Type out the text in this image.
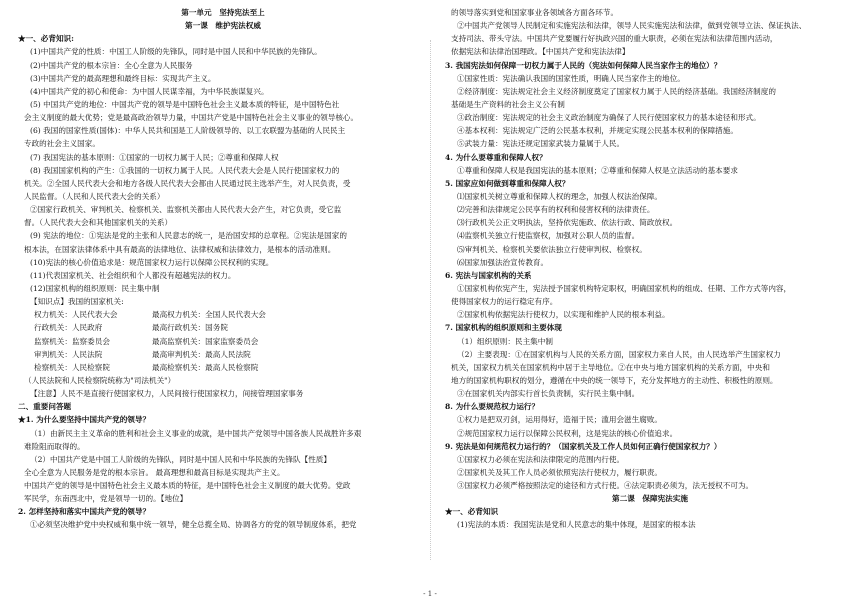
第一单元　坚持宪法至上
第一课　维护宪法权威
★一、必背知识:
(1)中国共产党的性质：中国工人阶级的先锋队，同时是中国人民和中华民族的先锋队。
(2)中国共产党的根本宗旨：全心全意为人民服务
(3)中国共产党的最高理想和最终目标：实现共产主义。
(4)中国共产党的初心和使命：为中国人民谋幸福，为中华民族谋复兴。
(5) 中国共产党的地位：中国共产党的领导是中国特色社会主义最本质的特征，是中国特色社
会主义制度的最大优势；党是最高政治领导力量，中国共产党是中国特色社会主义事业的领导核心。
(6) 我国的国家性质(国体)：中华人民共和国是工人阶级领导的、以工农联盟为基础的人民民主
专政的社会主义国家。
(7) 我国宪法的基本原则：①国家的一切权力属于人民；②尊重和保障人权
(8) 我国国家机构的产生：①我国的一切权力属于人民。人民代表大会是人民行使国家权力的
机关。②全国人民代表大会和地方各级人民代表大会都由人民通过民主选举产生，对人民负责，受
人民监督。（人民和人民代表大会的关系）
②国家行政机关、审判机关、检察机关、监察机关都由人民代表大会产生，对它负责，受它监
督。（人民代表大会和其他国家机关的关系）
(9) 宪法的地位：①宪法是党的主张和人民意志的统一，是治国安邦的总章程。②宪法是国家的
根本法，在国家法律体系中具有最高的法律地位、法律权威和法律效力，是根本的活动准则。
(10)宪法的核心价值追求是：规范国家权力运行以保障公民权利的实现。
(11)代表国家机关、社会组织和个人都没有超越宪法的权力。
(12)国家机构的组织原则：民主集中制
【知识点】我国的国家机关:
权力机关：人民代表大会	最高权力机关：全国人民代表大会
行政机关：人民政府	最高行政机关：国务院
监察机关：监察委员会	最高监察机关：国家监察委员会
审判机关：人民法院	最高审判机关：最高人民法院
检察机关：人民检察院	最高检察机关：最高人民检察院
（人民法院和人民检察院统称为"司法机关"）
【注意】人民不是直接行使国家权力，人民间接行使国家权力，间接管理国家事务
二、重要问答题
★1. 为什么要坚持中国共产党的领导？
（1）由新民主主义革命的胜利和社会主义事业的成就，是中国共产党领导中国各族人民战胜许多艰
难险阻而取得的。
（2）中国共产党是中国工人阶级的先锋队，同时是中国人民和中华民族的先锋队【性质】
全心全意为人民服务是党的根本宗旨。 最高理想和最高目标是实现共产主义。
中国共产党的领导是中国特色社会主义最本质的特征，是中国特色社会主义制度的最大优势。党政
军民学，东南西北中，党是领导一切的。【地位】
2. 怎样坚持和落实中国共产党的领导？
①必须坚决维护党中央权威和集中统一领导，健全总揽全局、协调各方的党的领导制度体系，把党
的领导落实到党和国家事业各领域各方面各环节。
②中国共产党领导人民制定和实施宪法和法律，领导人民实施宪法和法律，做到党领导立法、保证执法、
支持司法、带头守法。中国共产党要履行好执政兴国的重大职责，必须在宪法和法律范围内活动，
依据宪法和法律治国理政。【中国共产党和宪法法律】
3. 我国宪法如何保障一切权力属于人民的（宪法如何保障人民当家作主的地位）？
①国家性质：宪法确认我国的国家性质，明确人民当家作主的地位。
②经济制度：宪法规定社会主义经济制度奠定了国家权力属于人民的经济基础。我国经济制度的
基础是生产资料的社会主义公有制
③政治制度：宪法规定的社会主义政治制度为确保了人民行使国家权力的基本途径和形式。
④基本权利：宪法规定广泛的公民基本权利，并规定实现公民基本权利的保障措施。
⑤武装力量：宪法还规定国家武装力量属于人民。
4. 为什么要尊重和保障人权？
①尊重和保障人权是我国宪法的基本原则；②尊重和保障人权是立法活动的基本要求
5. 国家应如何做到尊重和保障人权？
⑴国家机关树立尊重和保障人权的理念，加强人权法治保障。
⑵完善和法律规定公民享有的权利和侵害权利的法律责任。
⑶行政机关公正文明执法，坚持依宪施政、依法行政、简政放权。
⑷监察机关独立行使监察权，加强对公职人员的监督。
⑸审判机关、检察机关要依法独立行使审判权、检察权。
⑹国家加强法治宣传教育。
6. 宪法与国家机构的关系
①国家机构依宪产生，宪法授予国家机构特定职权，明确国家机构的组成、任期、工作方式等内容，
使得国家权力的运行稳定有序。
②国家机构依据宪法行使权力，以实现和维护人民的根本利益。
7. 国家机构的组织原则和主要体现
（1）组织原则：民主集中制
（2）主要表现：①在国家机构与人民的关系方面，国家权力来自人民，由人民选举产生国家权力
机关，国家权力机关在国家机构中居于主导地位。②在中央与地方国家机构的关系方面，中央和
地方的国家机构职权的划分，遵循在中央的统一领导下，充分发挥地方的主动性、积极性的原则。
③在国家机关内部实行首长负责制，实行民主集中制。
8. 为什么要规范权力运行？
①权力是把双刃剑，运用得好，造福于民；滥用会滋生腐败。
②规范国家权力运行以保障公民权利，这是宪法的核心价值追求。
9. 宪法是如何规范权力运行的？（国家机关及工作人员如何正确行使国家权力？）
①国家权力必须在宪法和法律限定的范围内行使。
②国家机关及其工作人员必须依照宪法行使权力，履行职责。
③国家权力必须严格按照法定的途径和方式行使。④法定职责必须为，法无授权不可为。
第二课　保障宪法实施
★一、必背知识
(1)宪法的本质：我国宪法是党和人民意志的集中体现，是国家的根本法
- 1 -
